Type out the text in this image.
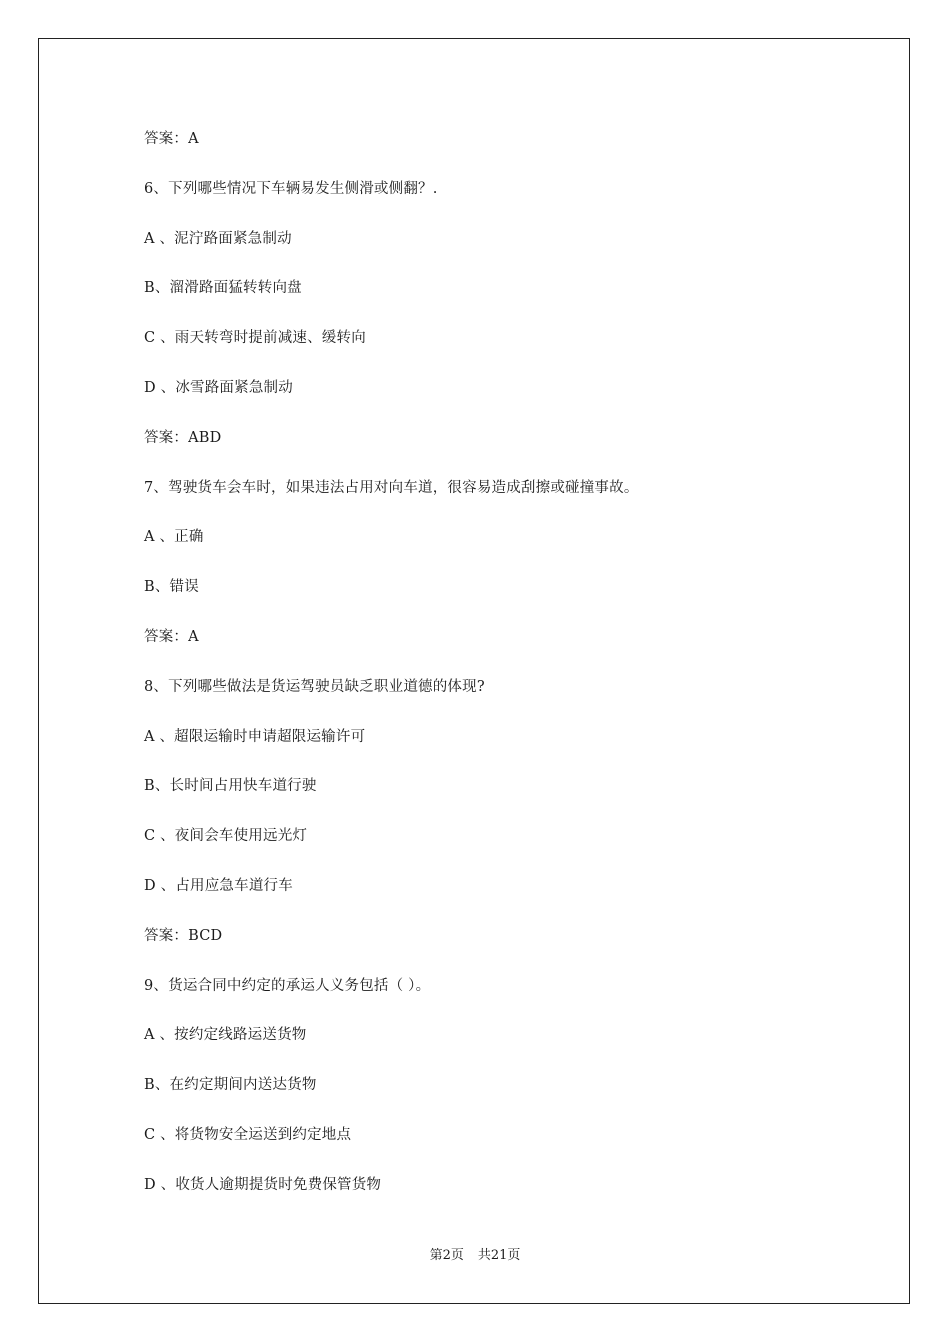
答案：A
6、下列哪些情况下车辆易发生侧滑或侧翻？.
A 、泥泞路面紧急制动
B、溜滑路面猛转转向盘
C 、雨天转弯时提前减速、缓转向
D 、冰雪路面紧急制动
答案：ABD
7、驾驶货车会车时，如果违法占用对向车道，很容易造成刮擦或碰撞事故。
A 、正确
B、错误
答案：A
8、下列哪些做法是货运驾驶员缺乏职业道德的体现?
A 、超限运输时申请超限运输许可
B、长时间占用快车道行驶
C 、夜间会车使用远光灯
D 、占用应急车道行车
答案：BCD
9、货运合同中约定的承运人义务包括（ ）。
A 、按约定线路运送货物
B、在约定期间内送达货物
C 、将货物安全运送到约定地点
D 、收货人逾期提货时免费保管货物
第2页 共21页
